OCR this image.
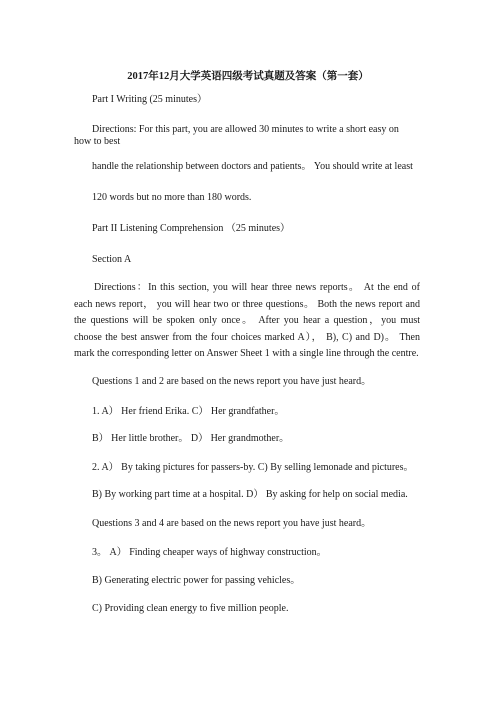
2017年12月大学英语四级考试真题及答案（第一套）
Part I Writing (25 minutes）
Directions: For this part, you are allowed 30 minutes to write a short easy on
how to best
handle the relationship between doctors and patients。 You should write at least
120 words but no more than 180 words.
Part II Listening Comprehension （25 minutes）
Section A
Directions：In this section, you will hear three news reports。 At the end of each news report， you will hear two or three questions。 Both the news report and the questions will be spoken only once。 After you hear a question，you must choose the best answer from the four choices marked A）， B), C) and D)。 Then mark the corresponding letter on Answer Sheet 1 with a single line through the centre.
Questions 1 and 2 are based on the news report you have just heard。
1. A） Her friend Erika. C） Her grandfather。
B） Her little brother。 D） Her grandmother。
2. A） By taking pictures for passers-by. C) By selling lemonade and pictures。
B) By working part time at a hospital. D） By asking for help on social media.
Questions 3 and 4 are based on the news report you have just heard。
3。 A） Finding cheaper ways of highway construction。
B) Generating electric power for passing vehicles。
C) Providing clean energy to five million people.
